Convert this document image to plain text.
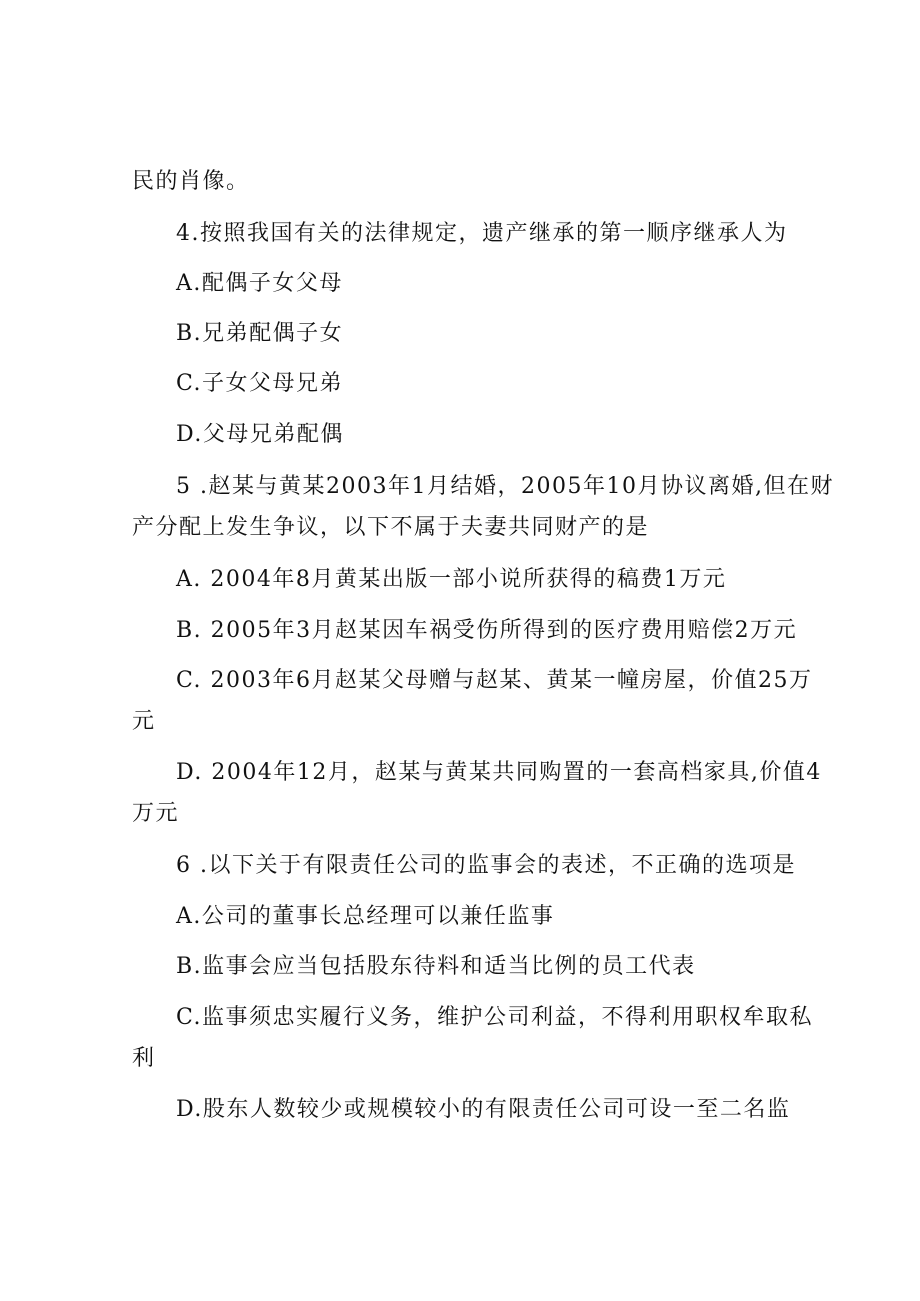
民的肖像。
4.按照我国有关的法律规定，遗产继承的第一顺序继承人为
A.配偶子女父母
B.兄弟配偶子女
C.子女父母兄弟
D.父母兄弟配偶
5 .赵某与黄某2003年1月结婚，2005年10月协议离婚,但在财
产分配上发生争议，以下不属于夫妻共同财产的是
A. 2004年8月黄某出版一部小说所获得的稿费1万元
B. 2005年3月赵某因车祸受伤所得到的医疗费用赔偿2万元
C. 2003年6月赵某父母赠与赵某、黄某一幢房屋，价值25万
元
D. 2004年12月，赵某与黄某共同购置的一套高档家具,价值4
万元
6 .以下关于有限责任公司的监事会的表述，不正确的选项是
A.公司的董事长总经理可以兼任监事
B.监事会应当包括股东待料和适当比例的员工代表
C.监事须忠实履行义务，维护公司利益，不得利用职权牟取私
利
D.股东人数较少或规模较小的有限责任公司可设一至二名监
